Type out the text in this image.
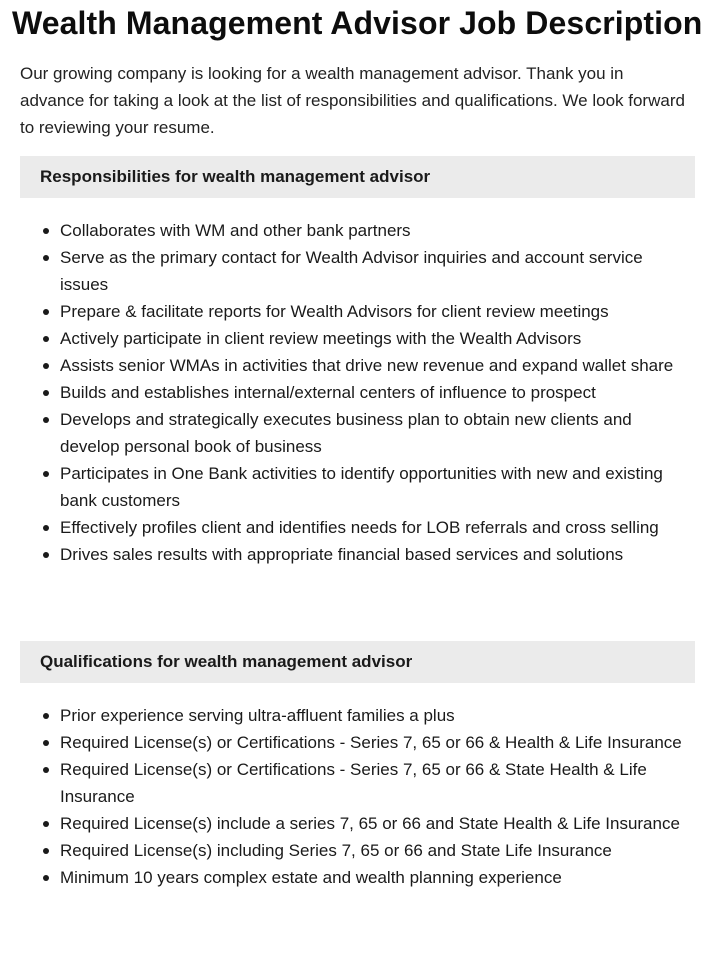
Wealth Management Advisor Job Description

Our growing company is looking for a wealth management advisor. Thank you in advance for taking a look at the list of responsibilities and qualifications. We look forward to reviewing your resume.

Responsibilities for wealth management advisor
Collaborates with WM and other bank partners
Serve as the primary contact for Wealth Advisor inquiries and account service issues
Prepare & facilitate reports for Wealth Advisors for client review meetings
Actively participate in client review meetings with the Wealth Advisors
Assists senior WMAs in activities that drive new revenue and expand wallet share
Builds and establishes internal/external centers of influence to prospect
Develops and strategically executes business plan to obtain new clients and develop personal book of business
Participates in One Bank activities to identify opportunities with new and existing bank customers
Effectively profiles client and identifies needs for LOB referrals and cross selling
Drives sales results with appropriate financial based services and solutions
Qualifications for wealth management advisor
Prior experience serving ultra-affluent families a plus
Required License(s) or Certifications - Series 7, 65 or 66 & Health & Life Insurance
Required License(s) or Certifications - Series 7, 65 or 66 & State Health & Life Insurance
Required License(s) include a series 7, 65 or 66 and State Health & Life Insurance
Required License(s) including Series 7, 65 or 66 and State Life Insurance
Minimum 10 years complex estate and wealth planning experience
